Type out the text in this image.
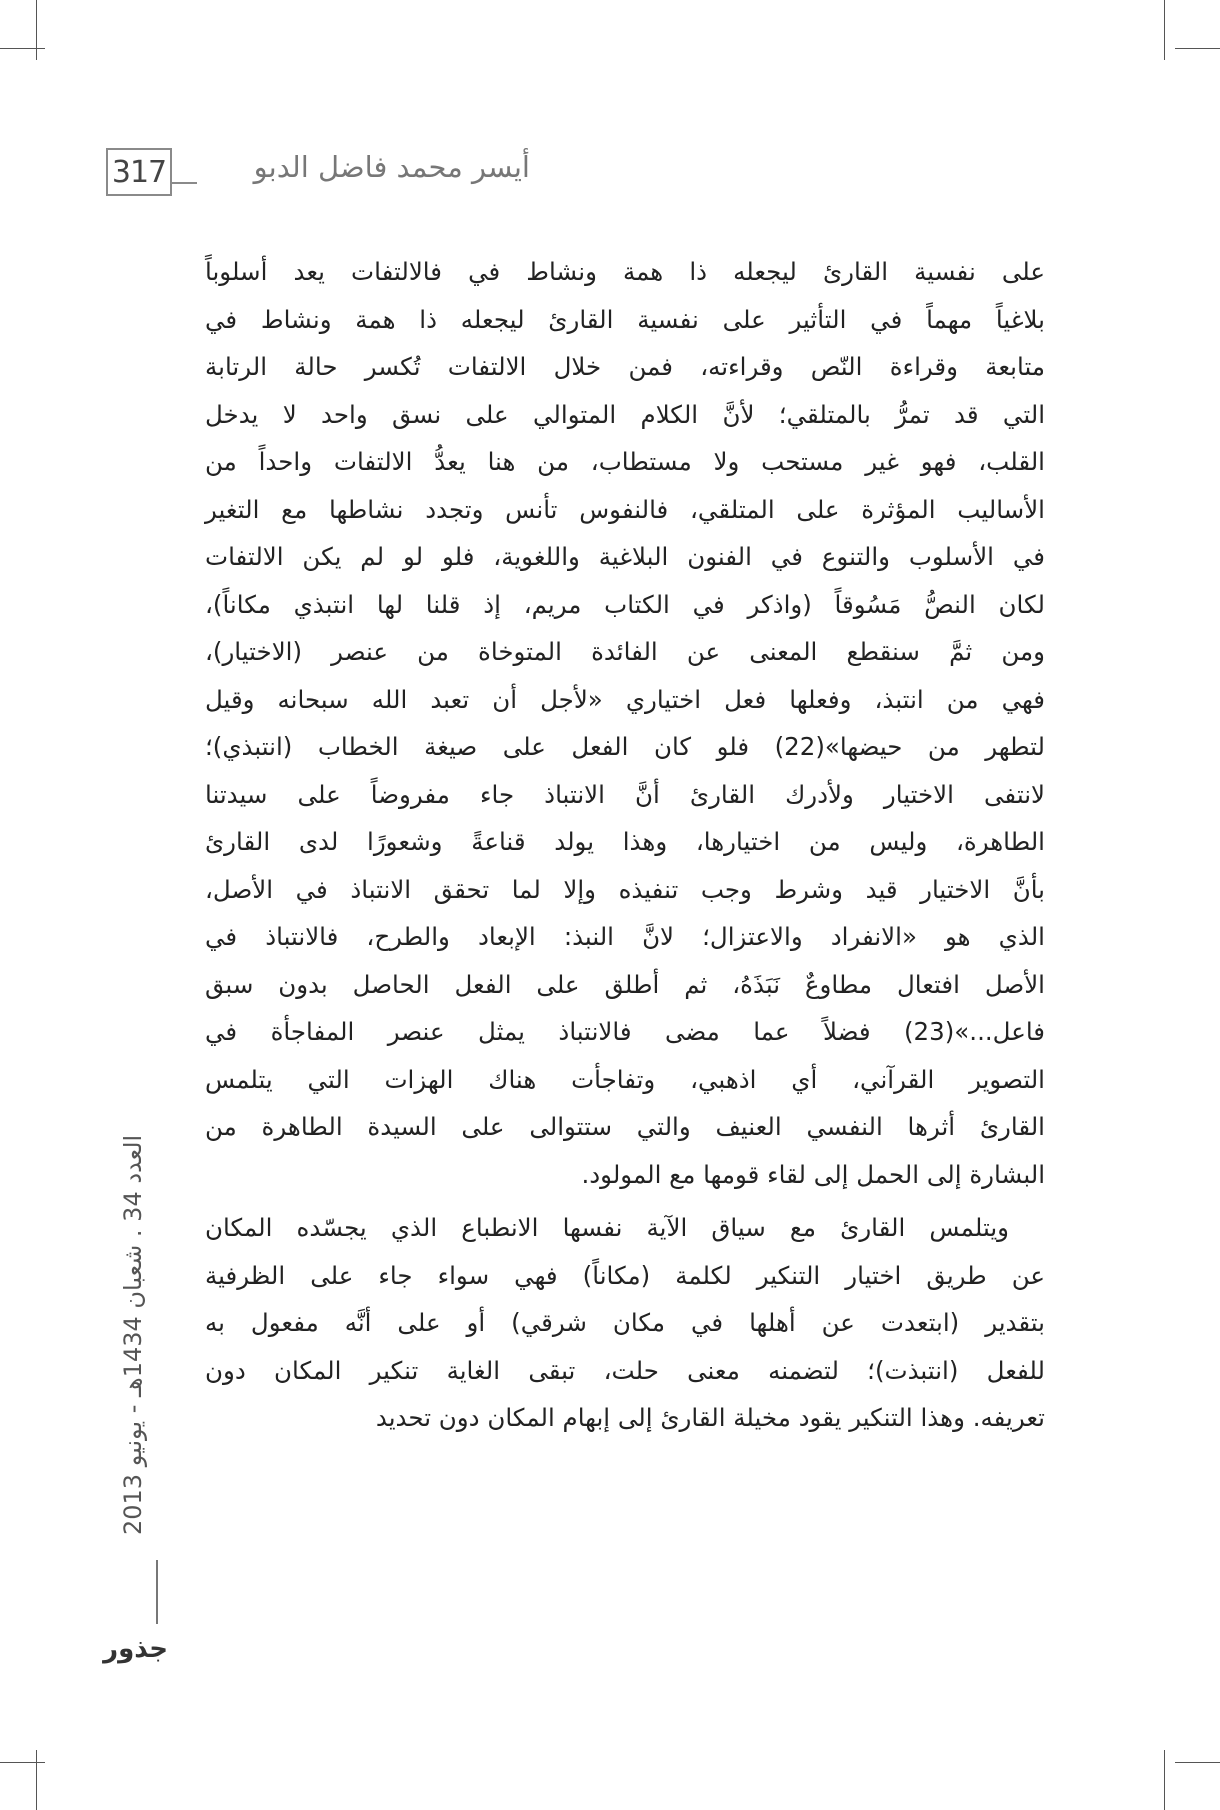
317	أيسر محمد فاضل الدبو

على نفسية القارئ ليجعله ذا همة ونشاط في فالالتفات يعد أسلوباً

بلاغياً مهماً في التأثير على نفسية القارئ ليجعله ذا همة ونشاط في

متابعة وقراءة النّص وقراءته، فمن خلال الالتفات تُكسر حالة الرتابة

التي قد تمرُّ بالمتلقي؛ لأنَّ الكلام المتوالي على نسق واحد لا يدخل

القلب، فهو غير مستحب ولا مستطاب، من هنا يعدُّ الالتفات واحداً من

الأساليب المؤثرة على المتلقي، فالنفوس تأنس وتجدد نشاطها مع التغير

في الأسلوب والتنوع في الفنون البلاغية واللغوية، فلو لو لم يكن الالتفات

لكان النصُّ مَسُوقاً (واذكر في الكتاب مريم، إذ قلنا لها انتبذي مكاناً)،

ومن ثمَّ سنقطع المعنى عن الفائدة المتوخاة من عنصر (الاختيار)،

فهي من انتبذ، وفعلها فعل اختياري «لأجل أن تعبد الله سبحانه وقيل

لتطهر من حيضها»(22) فلو كان الفعل على صيغة الخطاب (انتبذي)؛

لانتفى الاختيار ولأدرك القارئ أنَّ الانتباذ جاء مفروضاً على سيدتنا

الطاهرة، وليس من اختيارها، وهذا يولد قناعةً وشعورًا لدى القارئ

بأنَّ الاختيار قيد وشرط وجب تنفيذه وإلا لما تحقق الانتباذ في الأصل،

الذي هو «الانفراد والاعتزال؛ لانَّ النبذ: الإبعاد والطرح، فالانتباذ في

الأصل افتعال مطاوعٌ نَبَذَهُ، ثم أطلق على الفعل الحاصل بدون سبق

فاعل...»(23) فضلاً عما مضى فالانتباذ يمثل عنصر المفاجأة في

التصوير القرآني، أي اذهبي، وتفاجأت هناك الهزات التي يتلمس

القارئ أثرها النفسي العنيف والتي ستتوالى على السيدة الطاهرة من

البشارة إلى الحمل إلى لقاء قومها مع المولود.

ويتلمس القارئ مع سياق الآية نفسها الانطباع الذي يجسّده المكان

عن طريق اختيار التنكير لكلمة (مكاناً) فهي سواء جاء على الظرفية

بتقدير (ابتعدت عن أهلها في مكان شرقي) أو على أنَّه مفعول به

للفعل (انتبذت)؛ لتضمنه معنى حلت، تبقى الغاية تنكير المكان دون

تعريفه. وهذا التنكير يقود مخيلة القارئ إلى إبهام المكان دون تحديد

العدد 34 . شعبان 1434هـ - يونيو 2013
جذور
